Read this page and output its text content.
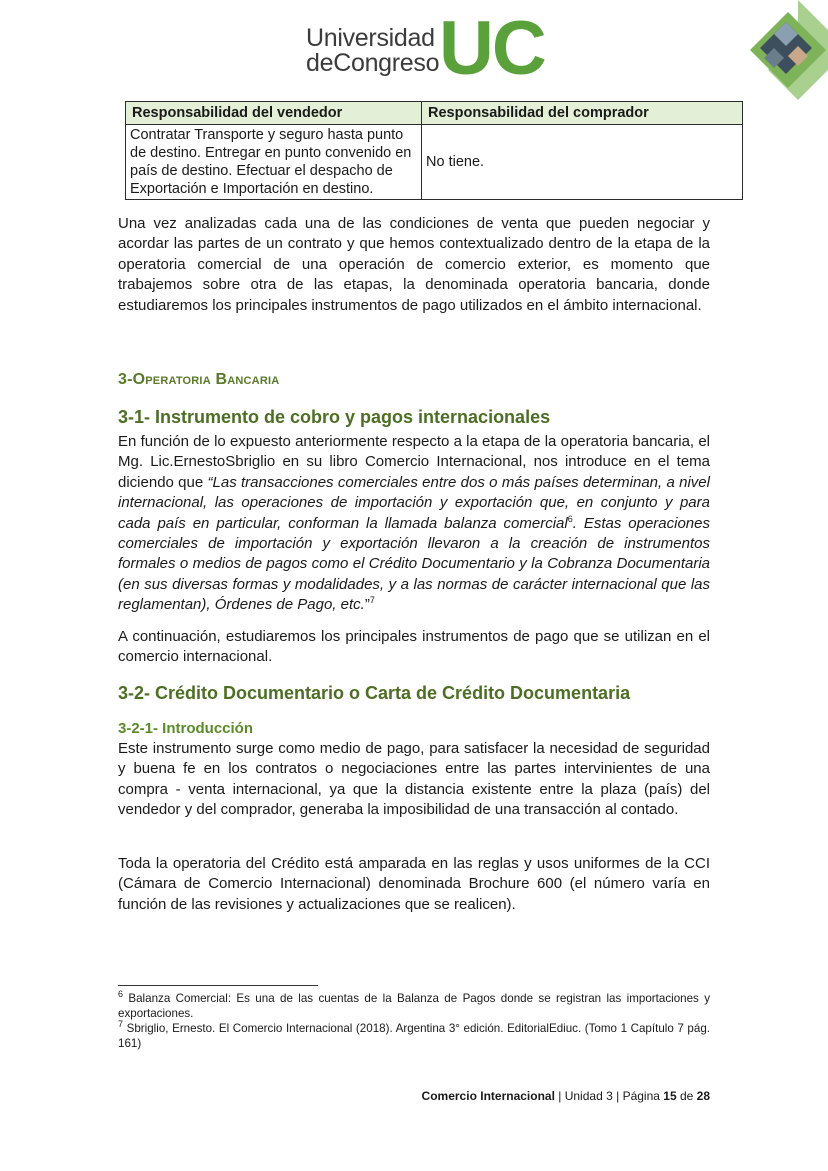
Universidad
deCongreso UC
Responsabilidad del vendedor	Responsabilidad del comprador
Contratar Transporte y seguro hasta punto de destino. Entregar en punto convenido en país de destino. Efectuar el despacho de Exportación e Importación en destino.	No tiene.

Una vez analizadas cada una de las condiciones de venta que pueden negociar y acordar las partes de un contrato y que hemos contextualizado dentro de la etapa de la operatoria comercial de una operación de comercio exterior, es momento que trabajemos sobre otra de las etapas, la denominada operatoria bancaria, donde estudiaremos los principales instrumentos de pago utilizados en el ámbito internacional.

3-Operatoria Bancaria
3-1- Instrumento de cobro y pagos internacionales

En función de lo expuesto anteriormente respecto a la etapa de la operatoria bancaria, el Mg. Lic.ErnestoSbriglio en su libro Comercio Internacional, nos introduce en el tema diciendo que “Las transacciones comerciales entre dos o más países determinan, a nivel internacional, las operaciones de importación y exportación que, en conjunto y para cada país en particular, conforman la llamada balanza comercial$^6$. Estas operaciones comerciales de importación y exportación llevaron a la creación de instrumentos formales o medios de pagos como el Crédito Documentario y la Cobranza Documentaria (en sus diversas formas y modalidades, y a las normas de carácter internacional que las reglamentan), Órdenes de Pago, etc.”$^7$

A continuación, estudiaremos los principales instrumentos de pago que se utilizan en el comercio internacional.

3-2- Crédito Documentario o Carta de Crédito Documentaria
3-2-1- Introducción

Este instrumento surge como medio de pago, para satisfacer la necesidad de seguridad y buena fe en los contratos o negociaciones entre las partes intervinientes de una compra - venta internacional, ya que la distancia existente entre la plaza (país) del vendedor y del comprador, generaba la imposibilidad de una transacción al contado.

Toda la operatoria del Crédito está amparada en las reglas y usos uniformes de la CCI (Cámara de Comercio Internacional) denominada Brochure 600 (el número varía en función de las revisiones y actualizaciones que se realicen).

$^6$ Balanza Comercial: Es una de las cuentas de la Balanza de Pagos donde se registran las importaciones y exportaciones.

$^7$ Sbriglio, Ernesto. El Comercio Internacional (2018). Argentina 3° edición. EditorialEdiuc. (Tomo 1 Capítulo 7 pág. 161)

Comercio Internacional | Unidad 3 | Página 15 de 28
